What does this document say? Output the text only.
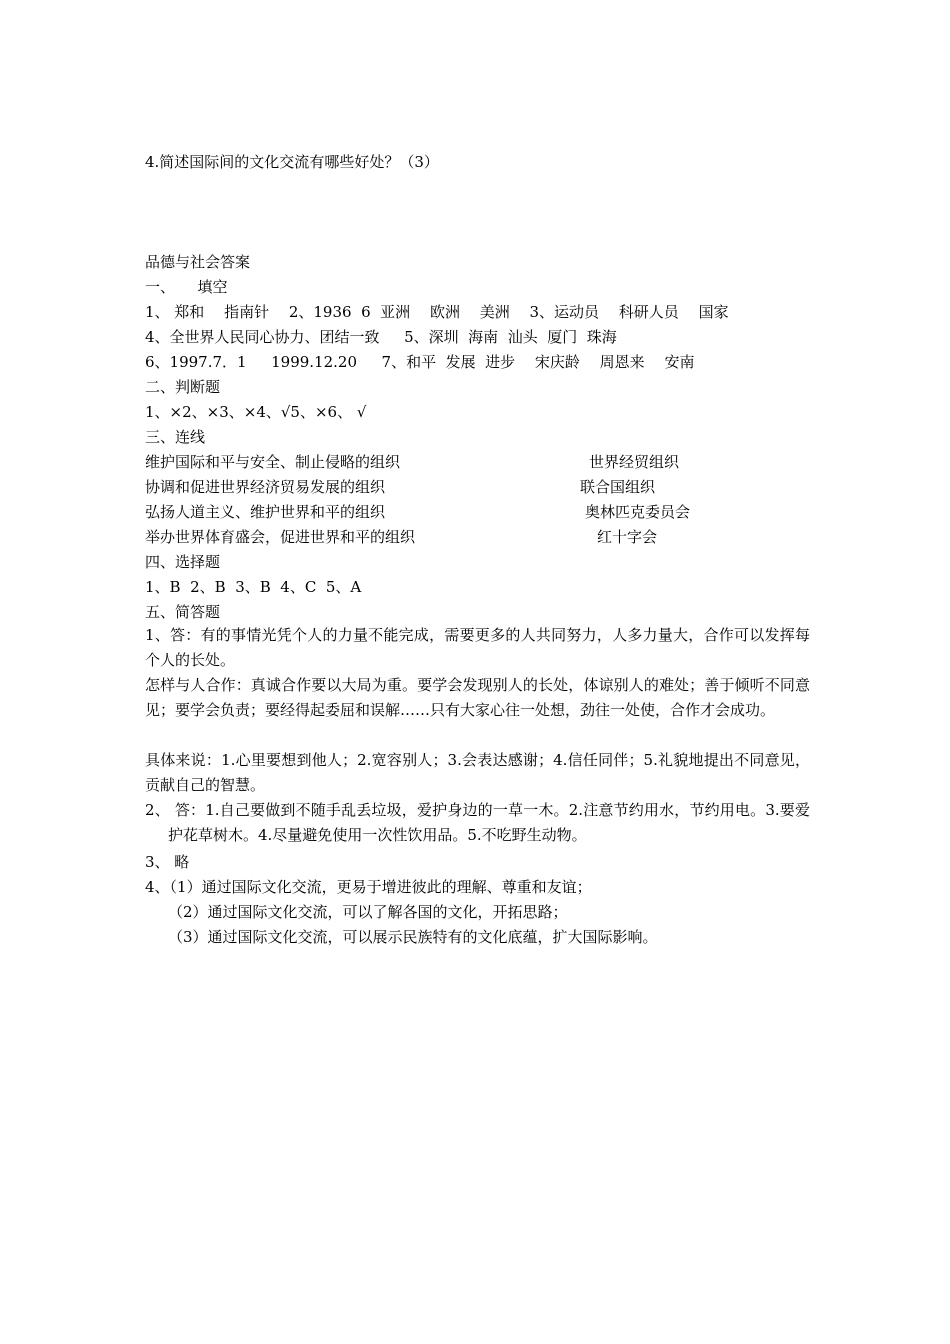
4.简述国际间的文化交流有哪些好处？（3）
品德与社会答案
一、　　填空
1、 郑和 　指南针 　2、1936  6  亚洲 　欧洲 　美洲 　3、运动员 　科研人员 　国家
4、全世界人民同心协力、团结一致 　 5、深圳  海南  汕头  厦门  珠海
6、1997.7．1 　 1999.12.20 　 7、和平  发展  进步 　宋庆龄 　周恩来 　安南
二、判断题
1、×2、×3、×4、√5、×6、 √
三、连线
维护国际和平与安全、制止侵略的组织	世界经贸组织
协调和促进世界经济贸易发展的组织	联合国组织
弘扬人道主义、维护世界和平的组织	奥林匹克委员会
举办世界体育盛会，促进世界和平的组织	红十字会
四、选择题
1、B  2、B  3、B  4、C  5、A
五、简答题
1、答：有的事情光凭个人的力量不能完成，需要更多的人共同努力，人多力量大，合作可以发挥每个人的长处。
怎样与人合作：真诚合作要以大局为重。要学会发现别人的长处，体谅别人的难处；善于倾听不同意见；要学会负责；要经得起委屈和误解……只有大家心往一处想，劲往一处使，合作才会成功。
具体来说：1.心里要想到他人；2.宽容别人；3.会表达感谢；4.信任同伴；5.礼貌地提出不同意见，贡献自己的智慧。
2、 答：1.自己要做到不随手乱丢垃圾，爱护身边的一草一木。2.注意节约用水，节约用电。3.要爱护花草树木。4.尽量避免使用一次性饮用品。5.不吃野生动物。
3、 略
4、（1）通过国际文化交流，更易于增进彼此的理解、尊重和友谊；
（2）通过国际文化交流，可以了解各国的文化，开拓思路；
（3）通过国际文化交流，可以展示民族特有的文化底蕴，扩大国际影响。
